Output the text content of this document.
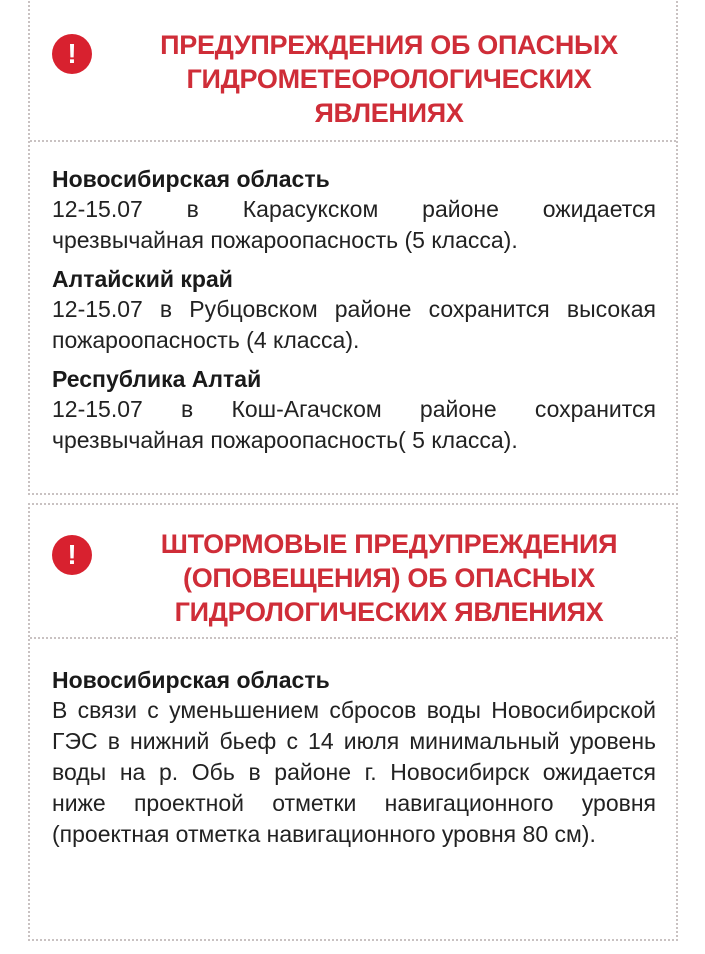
!	ПРЕДУПРЕЖДЕНИЯ ОБ ОПАСНЫХ ГИДРОМЕТЕОРОЛОГИЧЕСКИХ ЯВЛЕНИЯХ
Новосибирская область
12-15.07 в Карасукском районе ожидается чрезвычайная пожароопасность (5 класса).
Алтайский край
12-15.07 в Рубцовском районе сохранится высокая пожароопасность (4 класса).
Республика Алтай
12-15.07 в Кош-Агачском районе сохранится чрезвычайная пожароопасность( 5 класса).
!	ШТОРМОВЫЕ ПРЕДУПРЕЖДЕНИЯ (ОПОВЕЩЕНИЯ) ОБ ОПАСНЫХ ГИДРОЛОГИЧЕСКИХ ЯВЛЕНИЯХ
Новосибирская область
В связи с уменьшением сбросов воды Новосибирской ГЭС в нижний бьеф с 14 июля минимальный уровень воды на р. Обь в районе г. Новосибирск ожидается ниже проектной отметки навигационного уровня (проектная отметка навигационного уровня 80 см).
